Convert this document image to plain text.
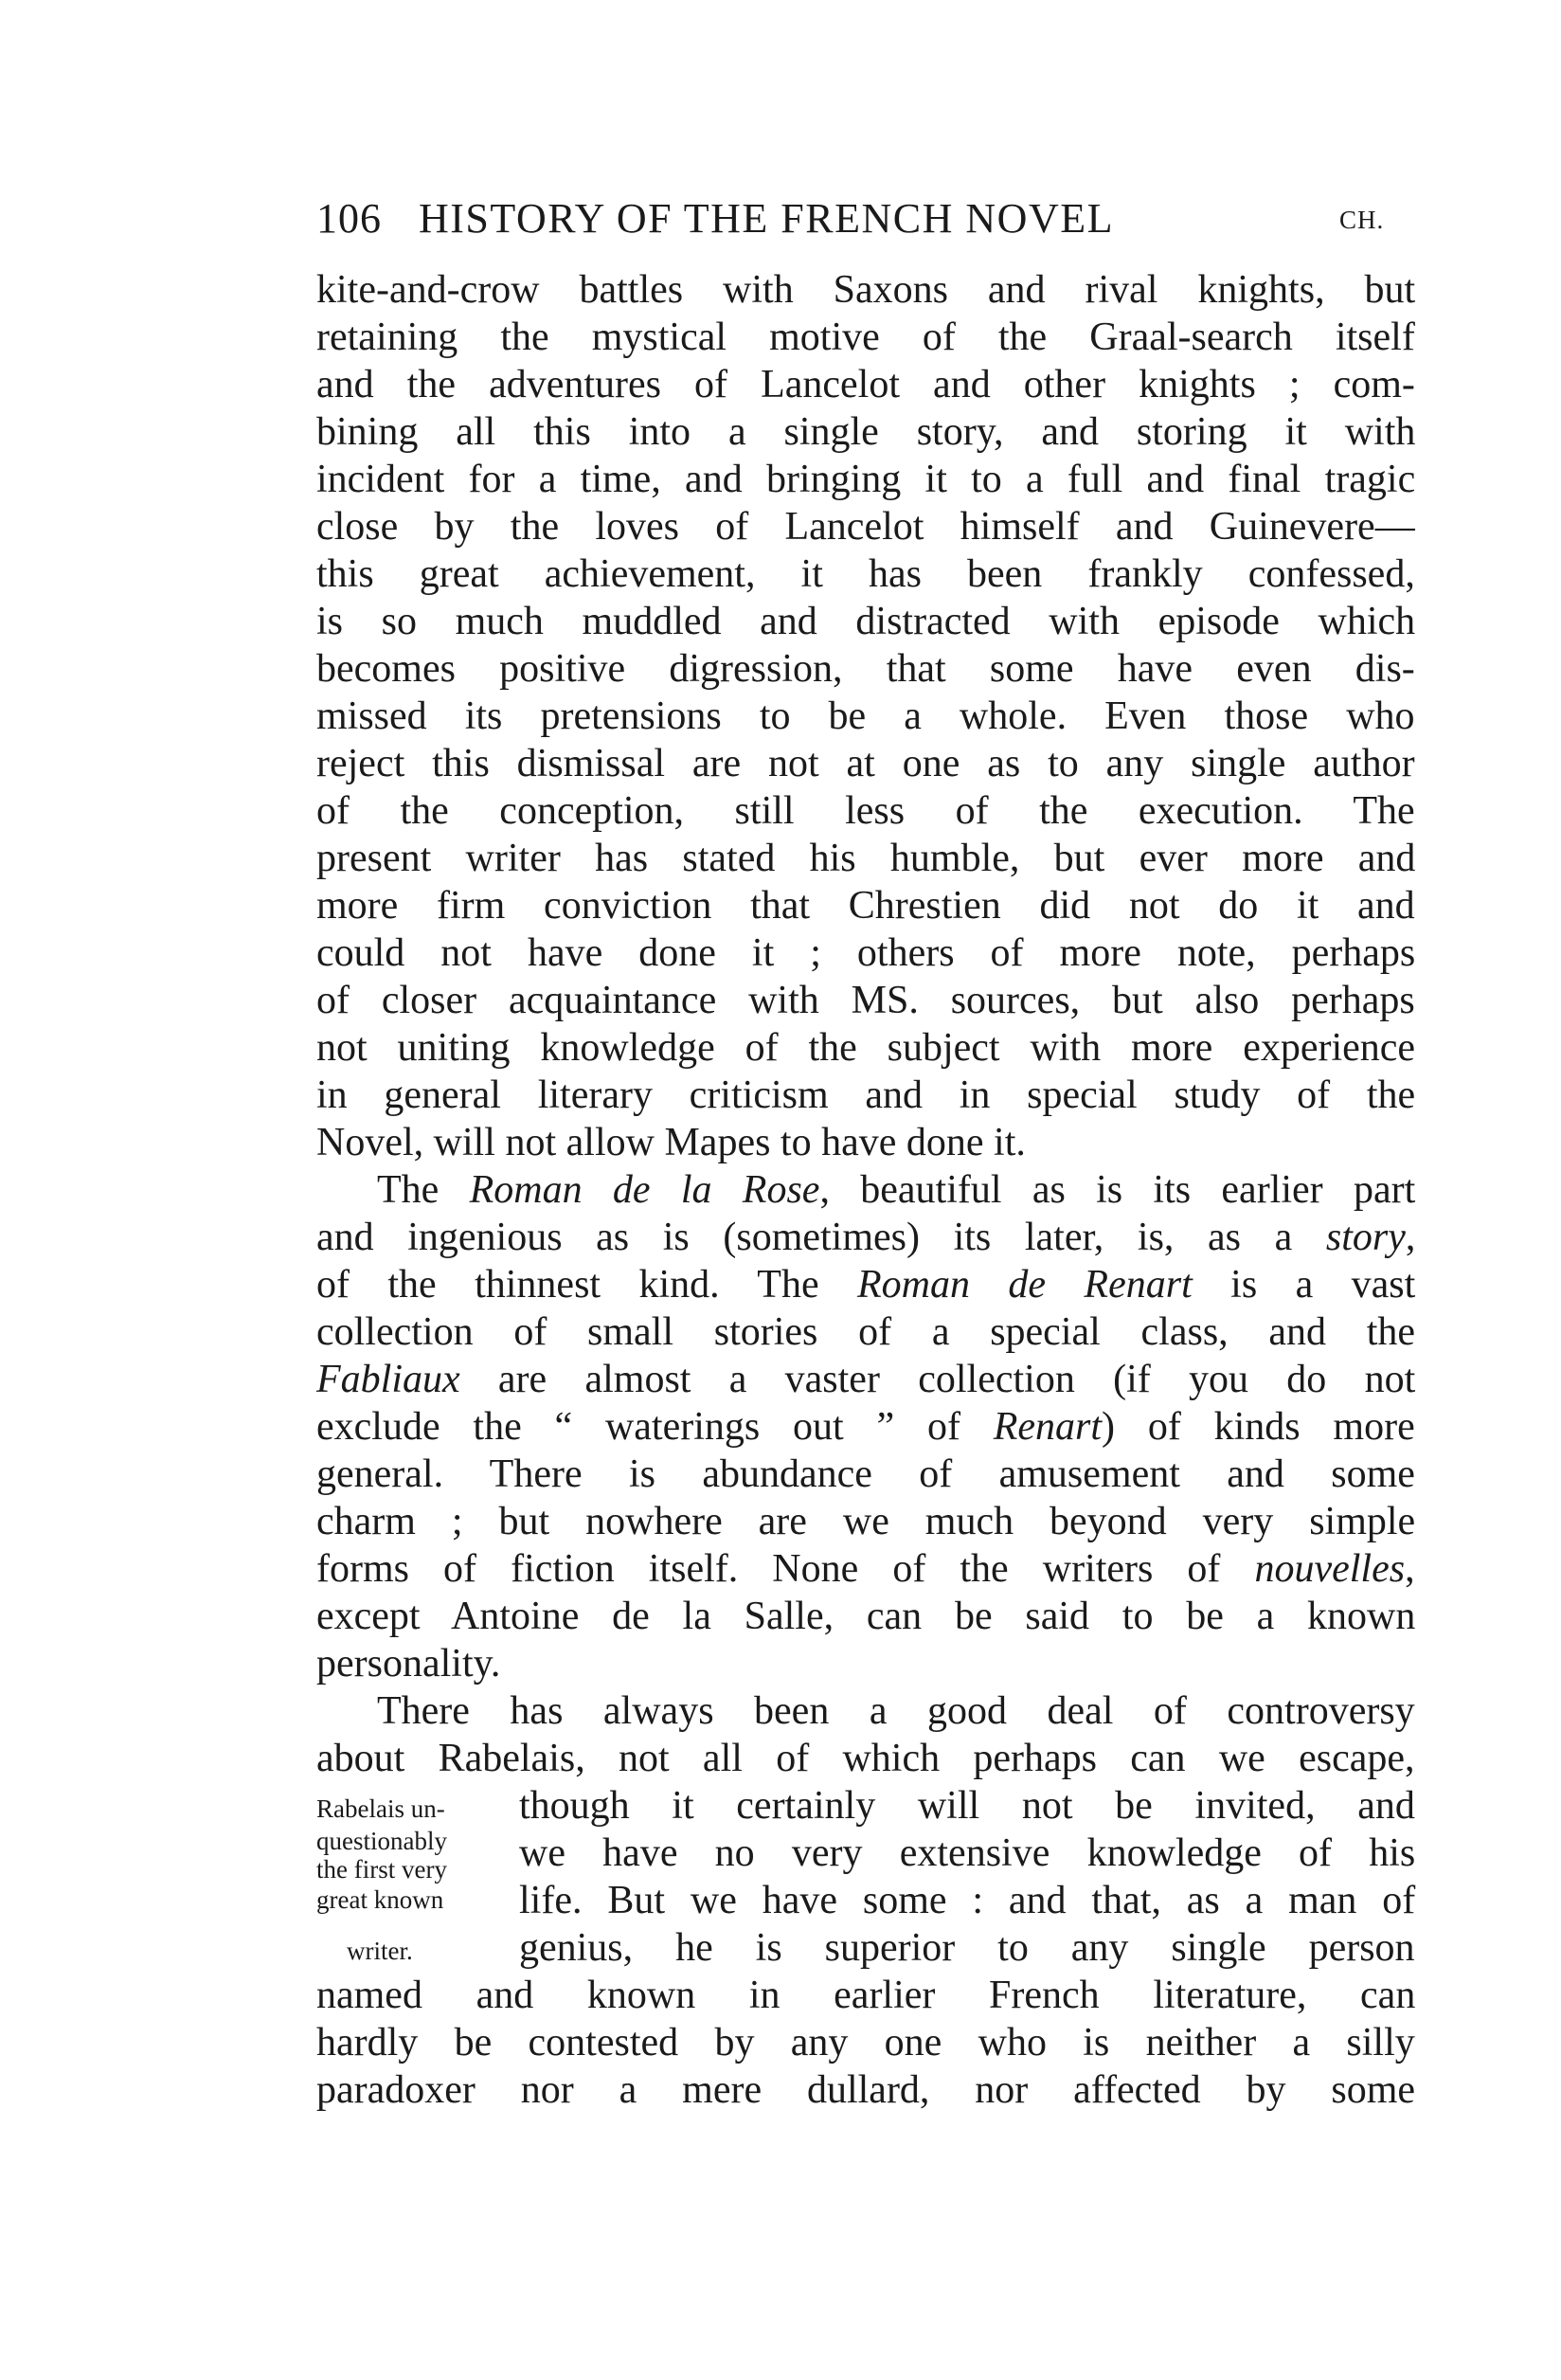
106 HISTORY OF THE FRENCH NOVEL	CH.
kite-and-crow battles with Saxons and rival knights, but
retaining the mystical motive of the Graal-search itself
and the adventures of Lancelot and other knights ; com-
bining all this into a single story, and storing it with
incident for a time, and bringing it to a full and final tragic
close by the loves of Lancelot himself and Guinevere—
this great achievement, it has been frankly confessed,
is so much muddled and distracted with episode which
becomes positive digression, that some have even dis-
missed its pretensions to be a whole. Even those who
reject this dismissal are not at one as to any single author
of the conception, still less of the execution. The
present writer has stated his humble, but ever more and
more firm conviction that Chrestien did not do it and
could not have done it ; others of more note, perhaps
of closer acquaintance with MS. sources, but also perhaps
not uniting knowledge of the subject with more experience
in general literary criticism and in special study of the
Novel, will not allow Mapes to have done it.
The Roman de la Rose, beautiful as is its earlier part
and ingenious as is (sometimes) its later, is, as a story,
of the thinnest kind. The Roman de Renart is a vast
collection of small stories of a special class, and the
Fabliaux are almost a vaster collection (if you do not
exclude the “ waterings out ” of Renart) of kinds more
general. There is abundance of amusement and some
charm ; but nowhere are we much beyond very simple
forms of fiction itself. None of the writers of nouvelles,
except Antoine de la Salle, can be said to be a known
personality.
There has always been a good deal of controversy
about Rabelais, not all of which perhaps can we escape,
though it certainly will not be invited, and
we have no very extensive knowledge of his
life. But we have some : and that, as a man of
genius, he is superior to any single person
named and known in earlier French literature, can
hardly be contested by any one who is neither a silly
paradoxer nor a mere dullard, nor affected by some
Rabelais un-
questionably
the first very
great known
writer.
